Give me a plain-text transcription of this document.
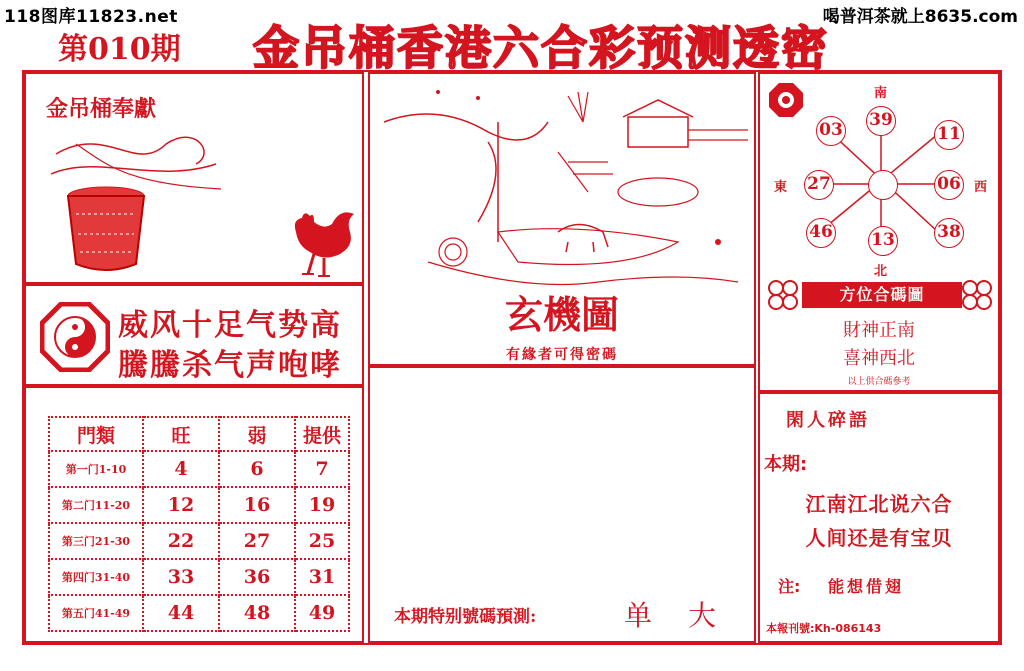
118图库11823.net	喝普洱茶就上8635.com
第010期	金吊桶香港六合彩预测透密
金吊桶奉獻
威风十足气势高
騰騰杀气声咆哮
門類	旺	弱	提供
第一门1-10	4	6	7
第二门11-20	12	16	19
第三门21-30	22	27	25
第四门31-40	33	36	31
第五门41-49	44	48	49
玄機圖
有緣者可得密碼
本期特别號碼預測:	单 大
南
東	西
北
39
03	11
27	06
46 13 38
方位合碼圖
財神正南
喜神西北
以上供合碼參考
閑人碎語
本期:
江南江北说六合
人间还是有宝贝
注: 能想借翅
本報刊號:Kh-086143
